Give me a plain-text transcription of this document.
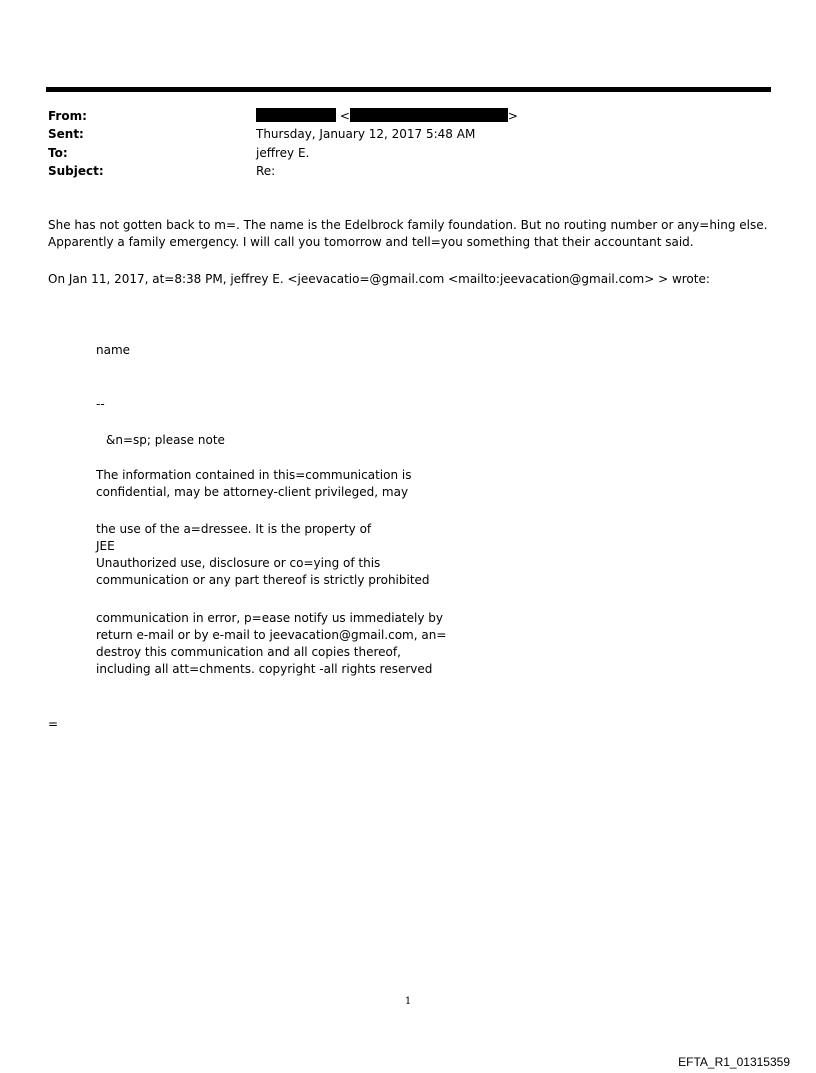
From:	<	>
Sent:	Thursday, January 12, 2017 5:48 AM
To:	jeffrey E.
Subject:	Re:
She has not gotten back to m=. The name is the Edelbrock family foundation. But no routing number or any=hing else.
Apparently a family emergency. I will call you tomorrow and tell=you something that their accountant said.
On Jan 11, 2017, at=8:38 PM, jeffrey E. <jeevacatio=@gmail.com <mailto:jeevacation@gmail.com> > wrote:
name
--
&n=sp; please note
The information contained in this=communication is
confidential, may be attorney-client privileged, may
the use of the a=dressee. It is the property of
JEE
Unauthorized use, disclosure or co=ying of this
communication or any part thereof is strictly prohibited
communication in error, p=ease notify us immediately by
return e-mail or by e-mail to jeevacation@gmail.com, an=
destroy this communication and all copies thereof,
including all att=chments. copyright -all rights reserved
=
1
EFTA_R1_01315359
